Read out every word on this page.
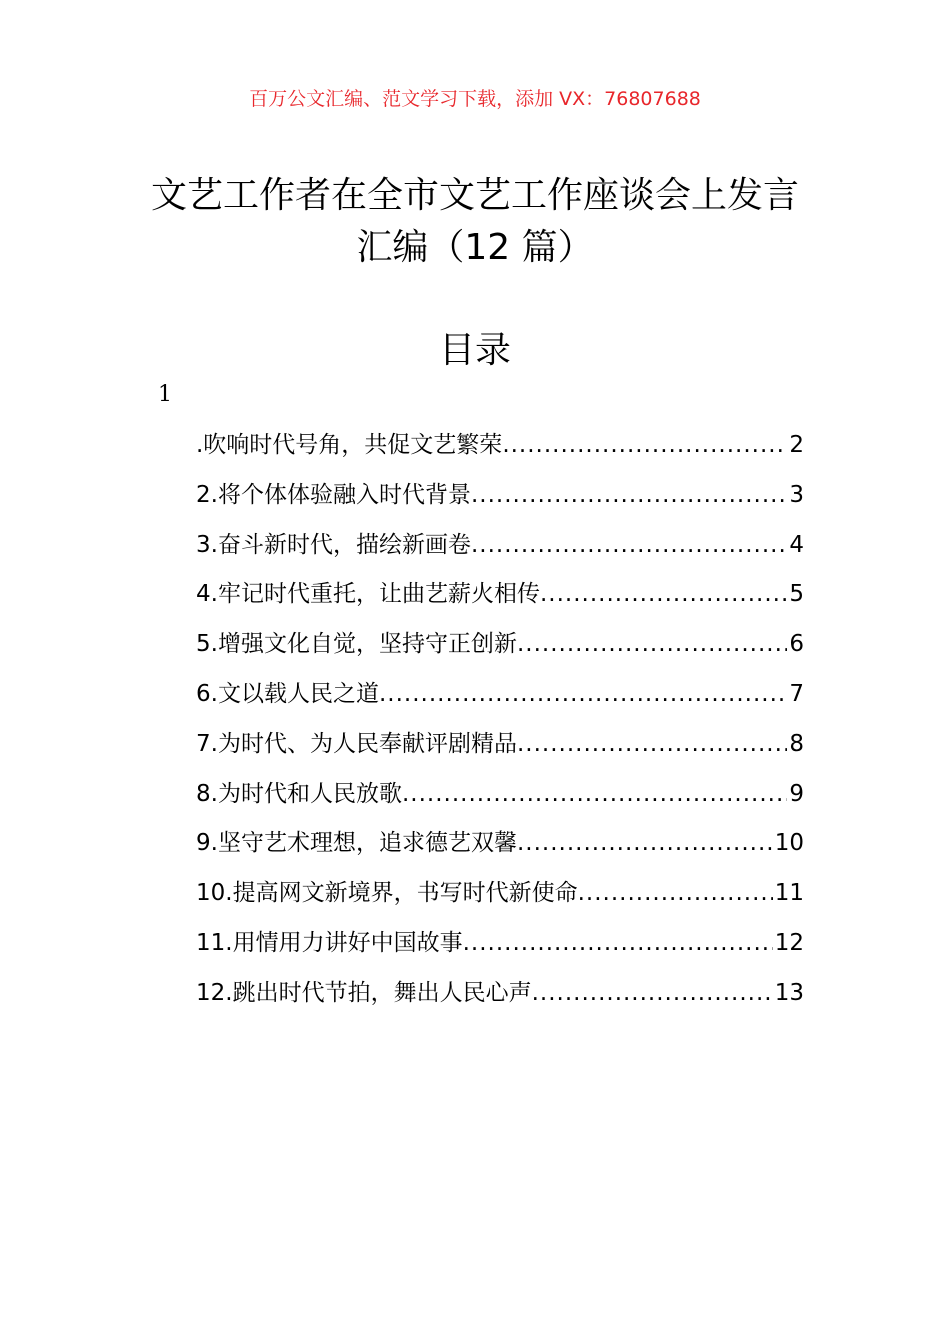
百万公文汇编、范文学习下载，添加 VX：76807688
文艺工作者在全市文艺工作座谈会上发言
汇编（12 篇）
目录
1
.吹响时代号角，共促文艺繁荣 .....	2
2.将个体体验融入时代背景 .....	3
3.奋斗新时代，描绘新画卷 .....	4
4.牢记时代重托，让曲艺薪火相传 .....	5
5.增强文化自觉，坚持守正创新 .....	6
6.文以载人民之道 .....	7
7.为时代、为人民奉献评剧精品 .....	8
8.为时代和人民放歌 .....	9
9.坚守艺术理想，追求德艺双馨 .....	10
10.提高网文新境界，书写时代新使命 .....	11
11.用情用力讲好中国故事 .....	12
12.跳出时代节拍，舞出人民心声 .....	13
